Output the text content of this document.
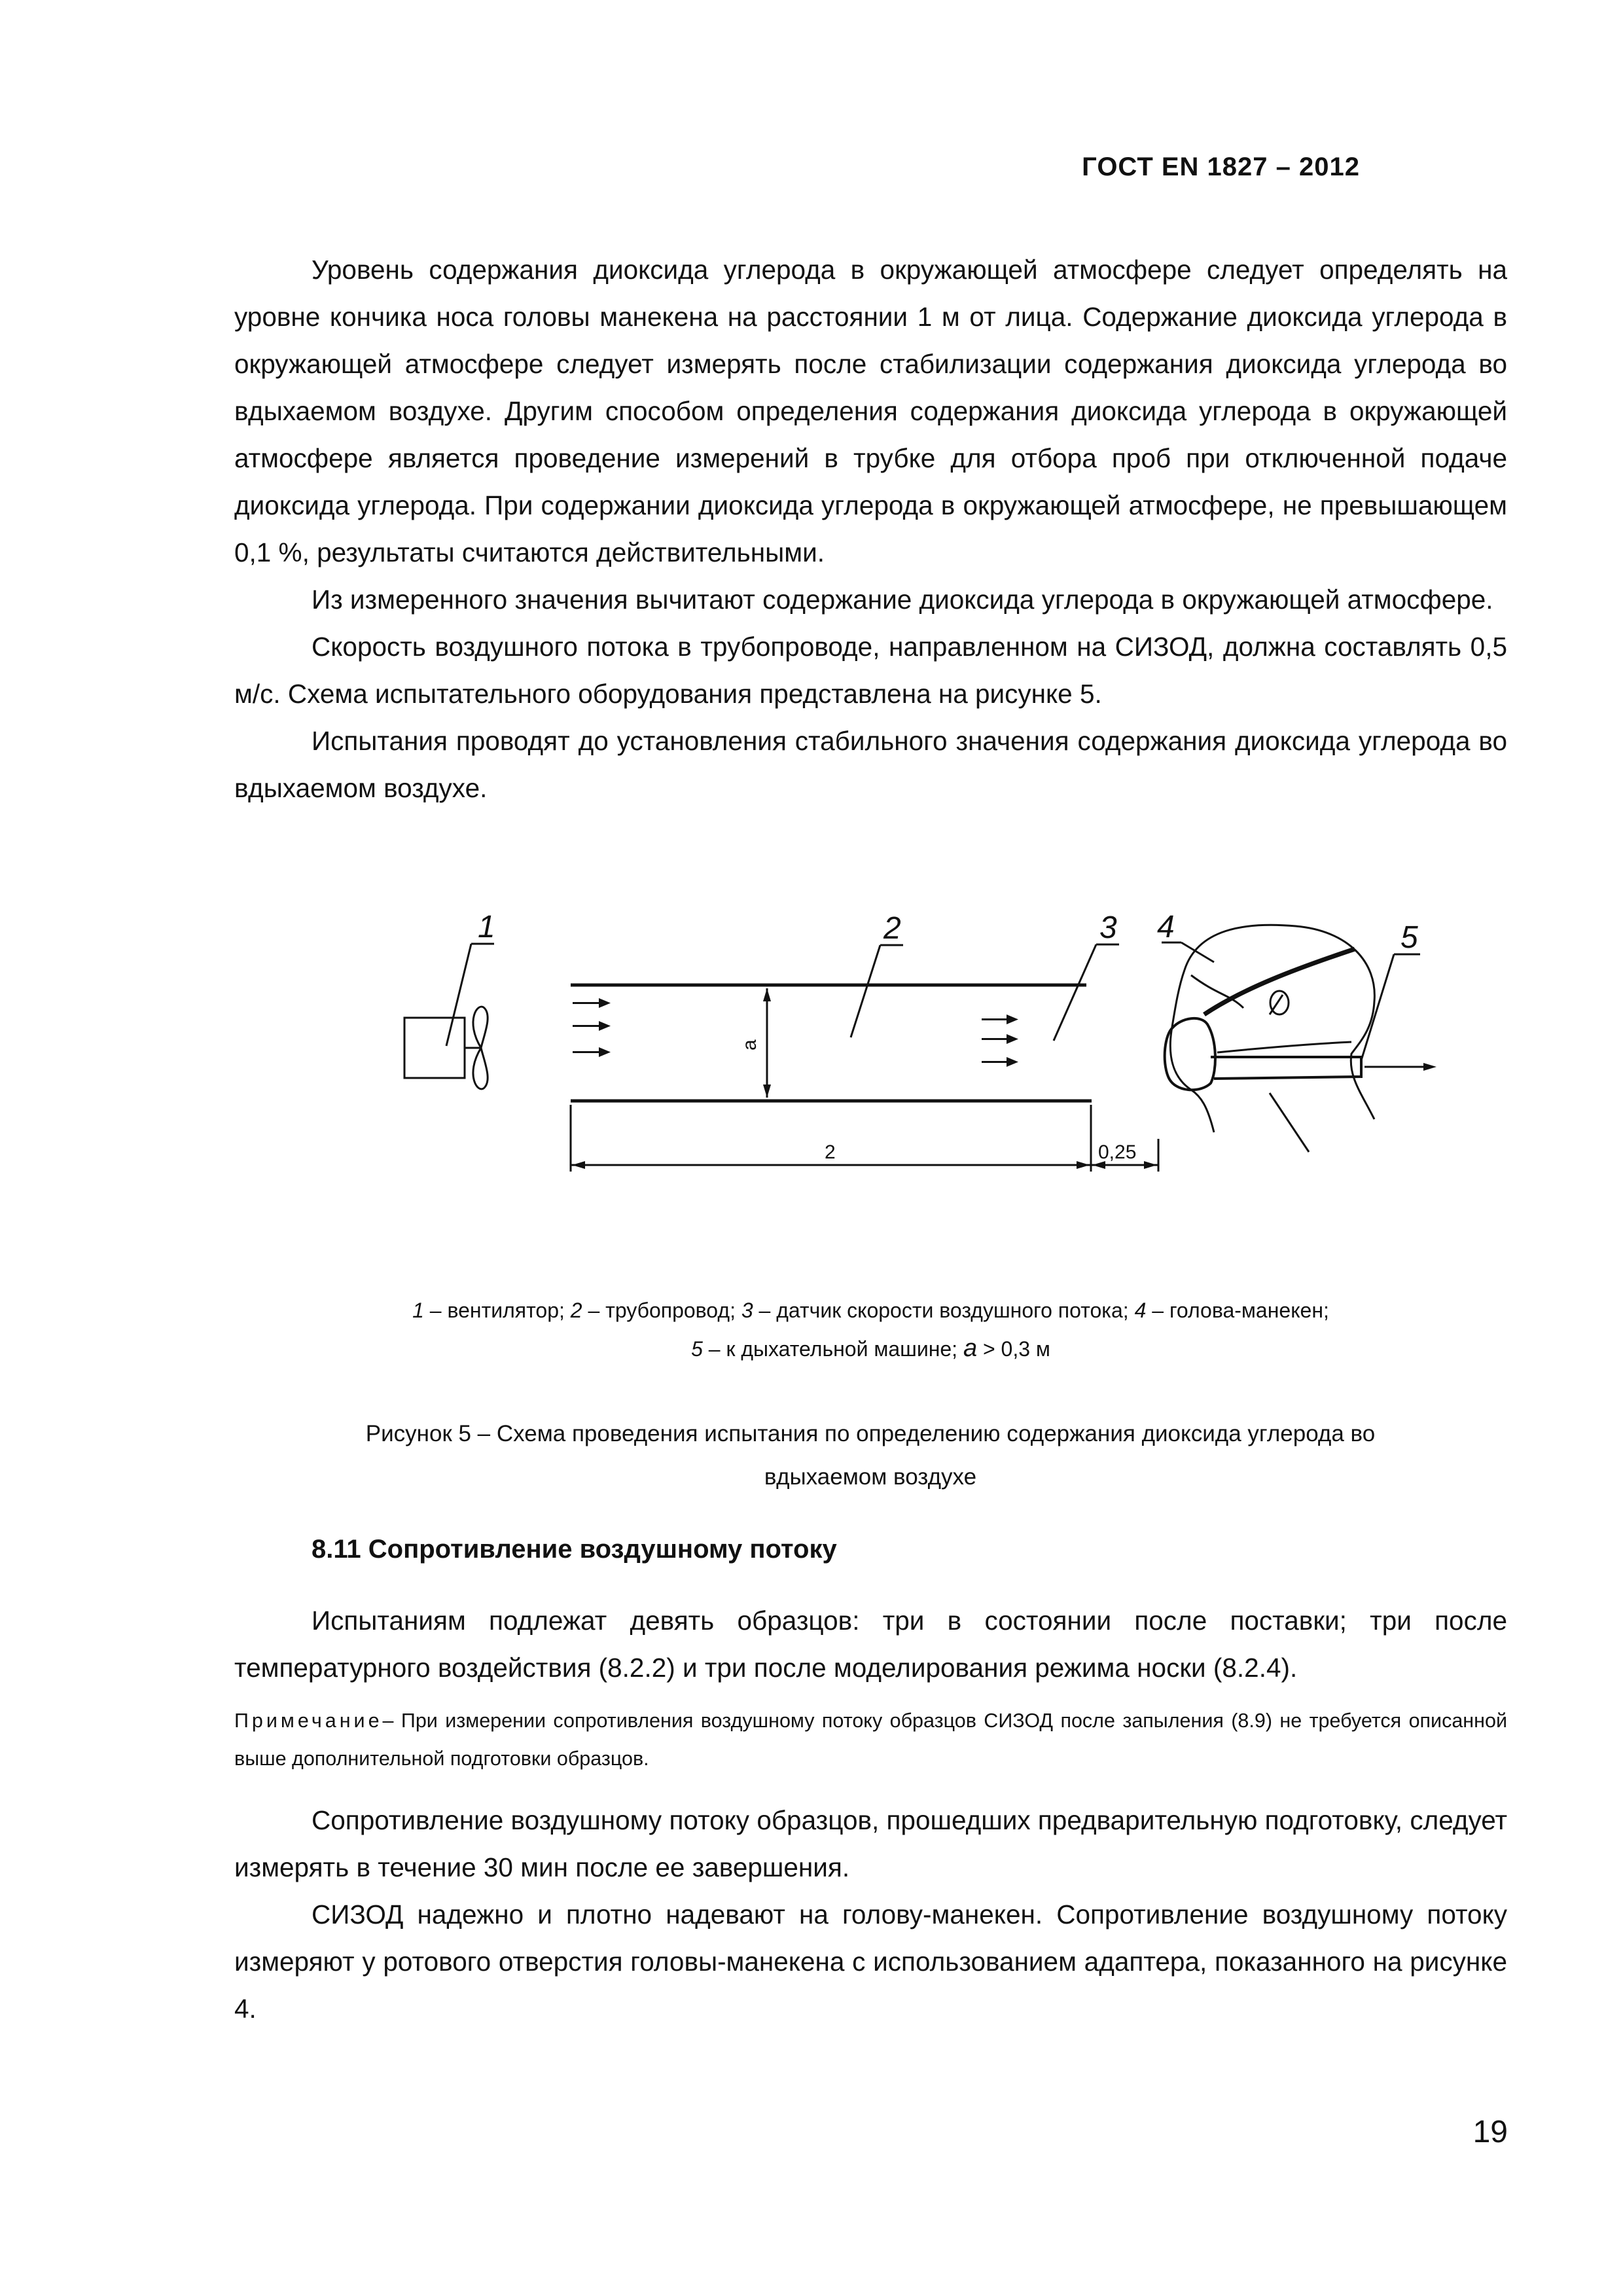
ГОСТ EN 1827 – 2012

Уровень содержания диоксида углерода в окружающей атмосфере следует определять на уровне кончика носа головы манекена на расстоянии 1 м от лица. Содержание диоксида углерода в окружающей атмосфере следует измерять после стабилизации содержания диоксида углерода во вдыхаемом воздухе. Другим способом определения содержания диоксида углерода в окружающей атмосфере является проведение измерений в трубке для отбора проб при отключенной подаче диоксида углерода. При содержании диоксида углерода в окружающей атмосфере, не превышающем 0,1 %, результаты считаются действительными.

Из измеренного значения вычитают содержание диоксида углерода в окружающей атмосфере.

Скорость воздушного потока в трубопроводе, направленном на СИЗОД, должна составлять 0,5 м/с. Схема испытательного оборудования представлена на рисунке 5.

Испытания проводят до установления стабильного значения содержания диоксида углерода во вдыхаемом воздухе.

1	2	3 4	5
a
2	0,25
1 – вентилятор; 2 – трубопровод; 3 – датчик скорости воздушного потока; 4 – голова-манекен;
5 – к дыхательной машине; a > 0,3 м
Рисунок 5 – Схема проведения испытания по определению содержания диоксида углерода во
вдыхаемом воздухе
8.11 Сопротивление воздушному потоку

Испытаниям подлежат девять образцов: три в состоянии после поставки; три после температурного воздействия (8.2.2) и три после моделирования режима носки (8.2.4).

Примечание– При измерении сопротивления воздушному потоку образцов СИЗОД после запыления (8.9) не требуется описанной выше дополнительной подготовки образцов.

Сопротивление воздушному потоку образцов, прошедших предварительную подготовку, следует измерять в течение 30 мин после ее завершения.

СИЗОД надежно и плотно надевают на голову-манекен. Сопротивление воздушному потоку измеряют у ротового отверстия головы-манекена с использованием адаптера, показанного на рисунке 4.

19
